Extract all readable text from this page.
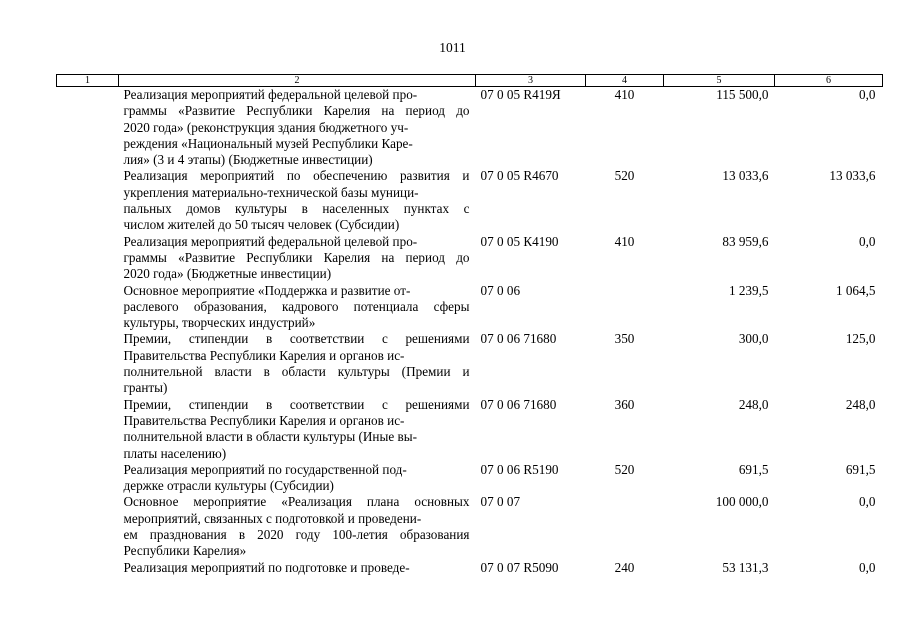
1011
1	2	3	4	5	6

	Реализация мероприятий федеральной целевой про-
граммы «Развитие Республики Карелия на период до
2020 года» (реконструкция здания бюджетного уч-
реждения «Национальный музей Республики Каре-
лия» (3 и 4 этапы) (Бюджетные инвестиции)	07 0 05 R419Я	410	115 500,0	0,0

	Реализация мероприятий по обеспечению развития и
укрепления материально-технической базы муници-
пальных домов культуры в населенных пунктах с
числом жителей до 50 тысяч человек (Субсидии)	07 0 05 R4670	520	13 033,6	13 033,6

	Реализация мероприятий федеральной целевой про-
граммы «Развитие Республики Карелия на период до
2020 года» (Бюджетные инвестиции)	07 0 05 К4190	410	83 959,6	0,0

	Основное мероприятие «Поддержка и развитие от-
раслевого образования, кадрового потенциала сферы
культуры, творческих индустрий»	07 0 06		1 239,5	1 064,5

	Премии, стипендии в соответствии с решениями
Правительства Республики Карелия и органов ис-
полнительной власти в области культуры (Премии и
гранты)	07 0 06 71680	350	300,0	125,0

	Премии, стипендии в соответствии с решениями
Правительства Республики Карелия и органов ис-
полнительной власти в области культуры (Иные вы-
платы населению)	07 0 06 71680	360	248,0	248,0

	Реализация мероприятий по государственной под-
держке отрасли культуры (Субсидии)	07 0 06 R5190	520	691,5	691,5

	Основное мероприятие «Реализация плана основных
мероприятий, связанных с подготовкой и проведени-
ем празднования в 2020 году 100-летия образования
Республики Карелия»	07 0 07		100 000,0	0,0

	Реализация мероприятий по подготовке и проведе-	07 0 07 R5090	240	53 131,3	0,0
